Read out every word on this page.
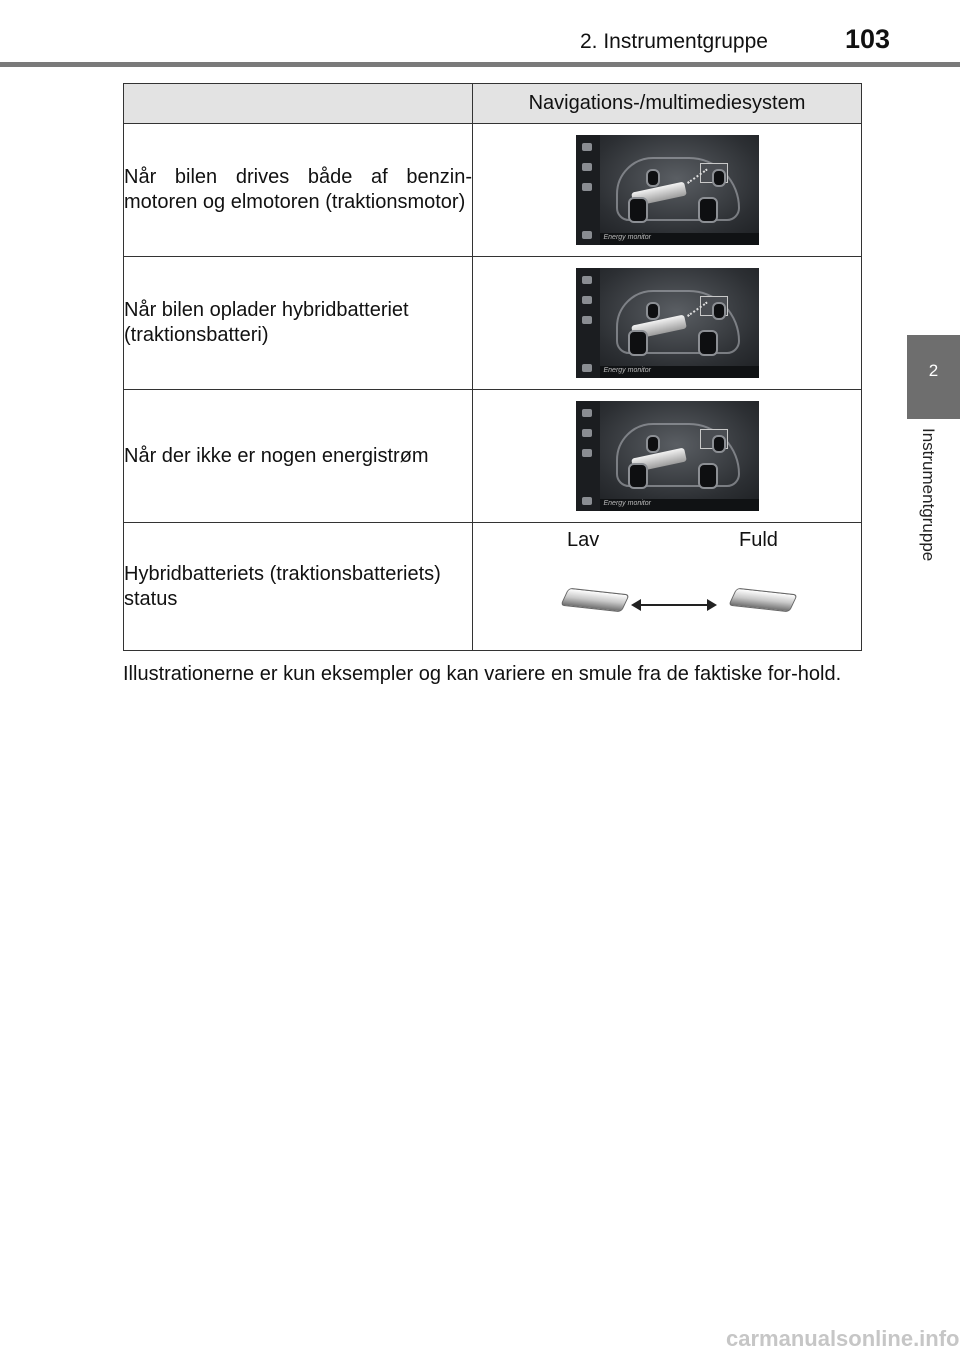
2. Instrumentgruppe	103
2
Instrumentgruppe
	Navigations-/multimediesystem
Når bilen drives både af benzin-motoren og elmotoren (traktionsmotor)	Energy monitor

Når bilen oplader hybridbatteriet (traktionsbatteri)	Energy monitor

Når der ikke er nogen energistrøm	Energy monitor

Hybridbatteriets (traktionsbatteriets) status	Lav Fuld
Illustrationerne er kun eksempler og kan variere en smule fra de faktiske for-hold.
carmanualsonline.info
